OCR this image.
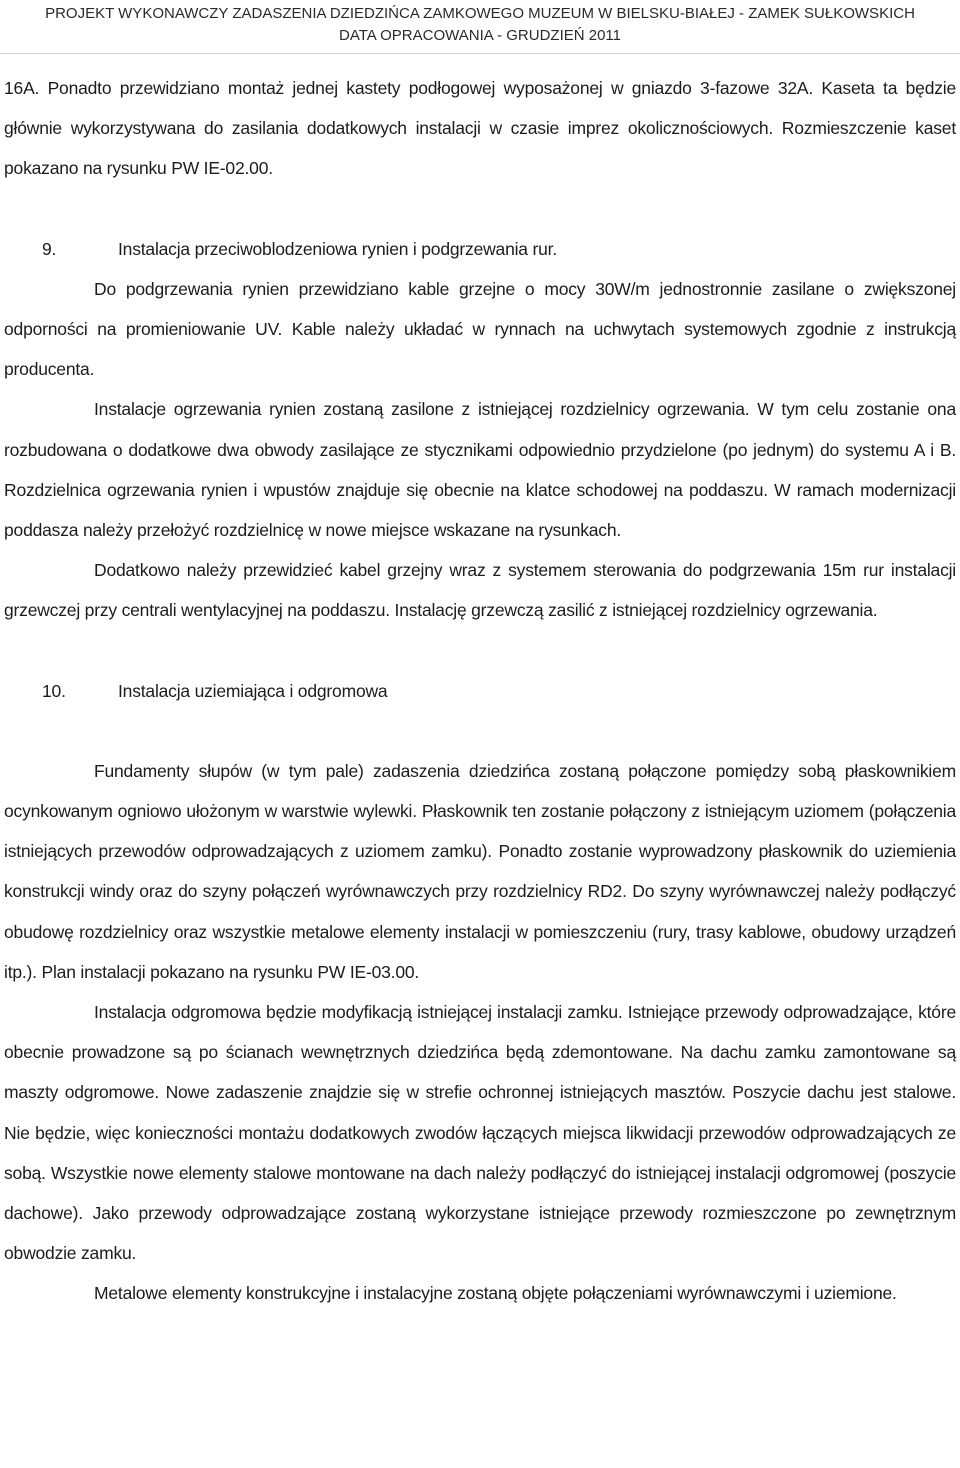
PROJEKT WYKONAWCZY ZADASZENIA DZIEDZIŃCA ZAMKOWEGO MUZEUM W BIELSKU-BIAŁEJ - ZAMEK SUŁKOWSKICH
DATA OPRACOWANIA - GRUDZIEŃ 2011

16A. Ponadto przewidziano montaż jednej kastety podłogowej wyposażonej w gniazdo 3-fazowe 32A. Kaseta ta będzie głównie wykorzystywana do zasilania dodatkowych instalacji w czasie imprez okolicznościowych. Rozmieszczenie kaset pokazano na rysunku PW IE-02.00.

9.	Instalacja przeciwoblodzeniowa rynien i podgrzewania rur.

Do podgrzewania rynien przewidziano kable grzejne o mocy 30W/m jednostronnie zasilane o zwiększonej odporności na promieniowanie UV. Kable należy układać w rynnach na uchwytach systemowych zgodnie z instrukcją producenta.

Instalacje ogrzewania rynien zostaną zasilone z istniejącej rozdzielnicy ogrzewania. W tym celu zostanie ona rozbudowana o dodatkowe dwa obwody zasilające ze stycznikami odpowiednio przydzielone (po jednym) do systemu A i B. Rozdzielnica ogrzewania rynien i wpustów znajduje się obecnie na klatce schodowej na poddaszu. W ramach modernizacji poddasza należy przełożyć rozdzielnicę w nowe miejsce wskazane na rysunkach.

Dodatkowo należy przewidzieć kabel grzejny wraz z systemem sterowania do podgrzewania 15m rur instalacji grzewczej przy centrali wentylacyjnej na poddaszu. Instalację grzewczą zasilić z istniejącej rozdzielnicy ogrzewania.

10.	Instalacja uziemiająca i odgromowa

Fundamenty słupów (w tym pale) zadaszenia dziedzińca zostaną połączone pomiędzy sobą płaskownikiem ocynkowanym ogniowo ułożonym w warstwie wylewki. Płaskownik ten zostanie połączony z istniejącym uziomem (połączenia istniejących przewodów odprowadzających z uziomem zamku). Ponadto zostanie wyprowadzony płaskownik do uziemienia konstrukcji windy oraz do szyny połączeń wyrównawczych przy rozdzielnicy RD2. Do szyny wyrównawczej należy podłączyć obudowę rozdzielnicy oraz wszystkie metalowe elementy instalacji w pomieszczeniu (rury, trasy kablowe, obudowy urządzeń itp.). Plan instalacji pokazano na rysunku PW IE-03.00.

Instalacja odgromowa będzie modyfikacją istniejącej instalacji zamku. Istniejące przewody odprowadzające, które obecnie prowadzone są po ścianach wewnętrznych dziedzińca będą zdemontowane. Na dachu zamku zamontowane są maszty odgromowe. Nowe zadaszenie znajdzie się w strefie ochronnej istniejących masztów. Poszycie dachu jest stalowe. Nie będzie, więc konieczności montażu dodatkowych zwodów łączących miejsca likwidacji przewodów odprowadzających ze sobą. Wszystkie nowe elementy stalowe montowane na dach należy podłączyć do istniejącej instalacji odgromowej (poszycie dachowe). Jako przewody odprowadzające zostaną wykorzystane istniejące przewody rozmieszczone po zewnętrznym obwodzie zamku.

Metalowe elementy konstrukcyjne i instalacyjne zostaną objęte połączeniami wyrównawczymi i uziemione.
